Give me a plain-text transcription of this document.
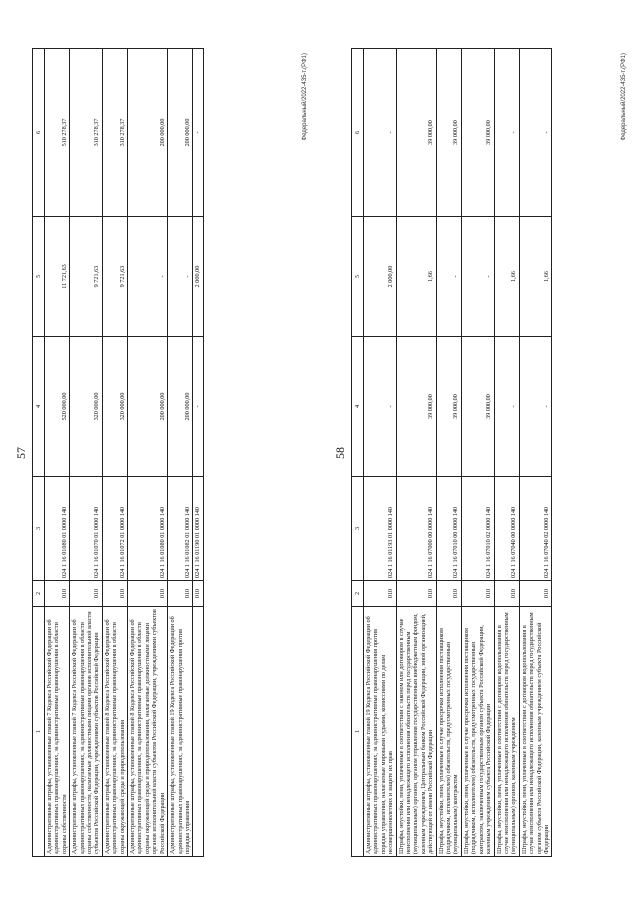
57
1	2	3	4	5	6
Административные штрафы, установленные главой 7 Кодекса Российской Федерации об административных правонарушениях, за административные правонарушения в области охраны собственности	010	024 1 16 01080 01 0000 140	520 000,00	11 721,63	510 278,37
Административные штрафы, установленные главой 7 Кодекса Российской Федерации об административных правонарушениях, за административные правонарушения в области охраны собственности, налагаемые должностными лицами органов исполнительной власти субъектов Российской Федерации, учреждениями субъектов Российской Федерации	010	024 1 16 01070 01 0000 140	320 000,00	9 721,63	310 278,37
Административные штрафы, установленные главой 8 Кодекса Российской Федерации об административных правонарушениях, за административные правонарушения в области охраны окружающей среды и природопользования	010	024 1 16 01072 01 0000 140	320 000,00	9 721,63	310 278,37
Административные штрафы, установленные главой 8 Кодекса Российской Федерации об административных правонарушениях, за административные правонарушения в области охраны окружающей среды и природопользования, налагаемые должностными лицами органов исполнительной власти субъектов Российской Федерации, учреждениями субъектов Российской Федерации	010	024 1 16 01080 01 0000 140	200 000,00	-	200 000,00
Административные штрафы, установленные главой 19 Кодекса Российской Федерации об административных правонарушениях, за административные правонарушения против порядка управления	010	024 1 16 01082 01 0000 140	200 000,00	-	200 000,00
	010	024 1 16 01190 01 0000 140	-	2 000,00	-	Федеральный/2022-435-т.(РФ1)
58
1	2	3	4	5	6
Административные штрафы, установленные главой 19 Кодекса Российской Федерации об административных правонарушениях, за административные правонарушения против порядка управления, налагаемые мировыми судьями, комиссиями по делам несовершеннолетних и защите их прав	010	024 1 16 01193 01 0000 140	-	2 000,00	-
Штрафы, неустойки, пени, уплаченные в соответствии с законом или договором в случае неисполнения или ненадлежащего исполнения обязательств перед государственным (муниципальным) органом, органом управления государственным внебюджетным фондом, казенным учреждением, Центральным банком Российской Федерации, иной организацией, действующей от имени Российской Федерации	010	024 1 16 07000 00 0000 140	39 000,00	1,66	39 000,00
Штрафы, неустойки, пени, уплаченные в случае просрочки исполнения поставщиком (подрядчиком, исполнителем) обязательств, предусмотренных государственным (муниципальным) контрактом	010	024 1 16 07010 00 0000 140	39 000,00	-	39 000,00
Штрафы, неустойки, пени, уплаченные в случае просрочки исполнения поставщиком (подрядчиком, исполнителем) обязательств, предусмотренных государственным контрактом, заключенным государственным органом субъекта Российской Федерации, казенным учреждением субъекта Российской Федерации	010	024 1 16 07010 02 0000 140	39 000,00	-	39 000,00
Штрафы, неустойки, пени, уплаченные в соответствии с договором водопользования в случае неисполнения или ненадлежащего исполнения обязательств перед государственным (муниципальным) органом, казенным учреждением	010	024 1 16 07040 00 0000 140	-	1,66	-
Штрафы, неустойки, пени, уплаченные в соответствии с договором водопользования в случае неисполнения или ненадлежащего исполнения обязательств перед государственным органом субъекта Российской Федерации, казенным учреждением субъекта Российской Федерации	010	024 1 16 07040 02 0000 140	-	1,66	-	Федеральный/2022-435-т.(РФ1)
